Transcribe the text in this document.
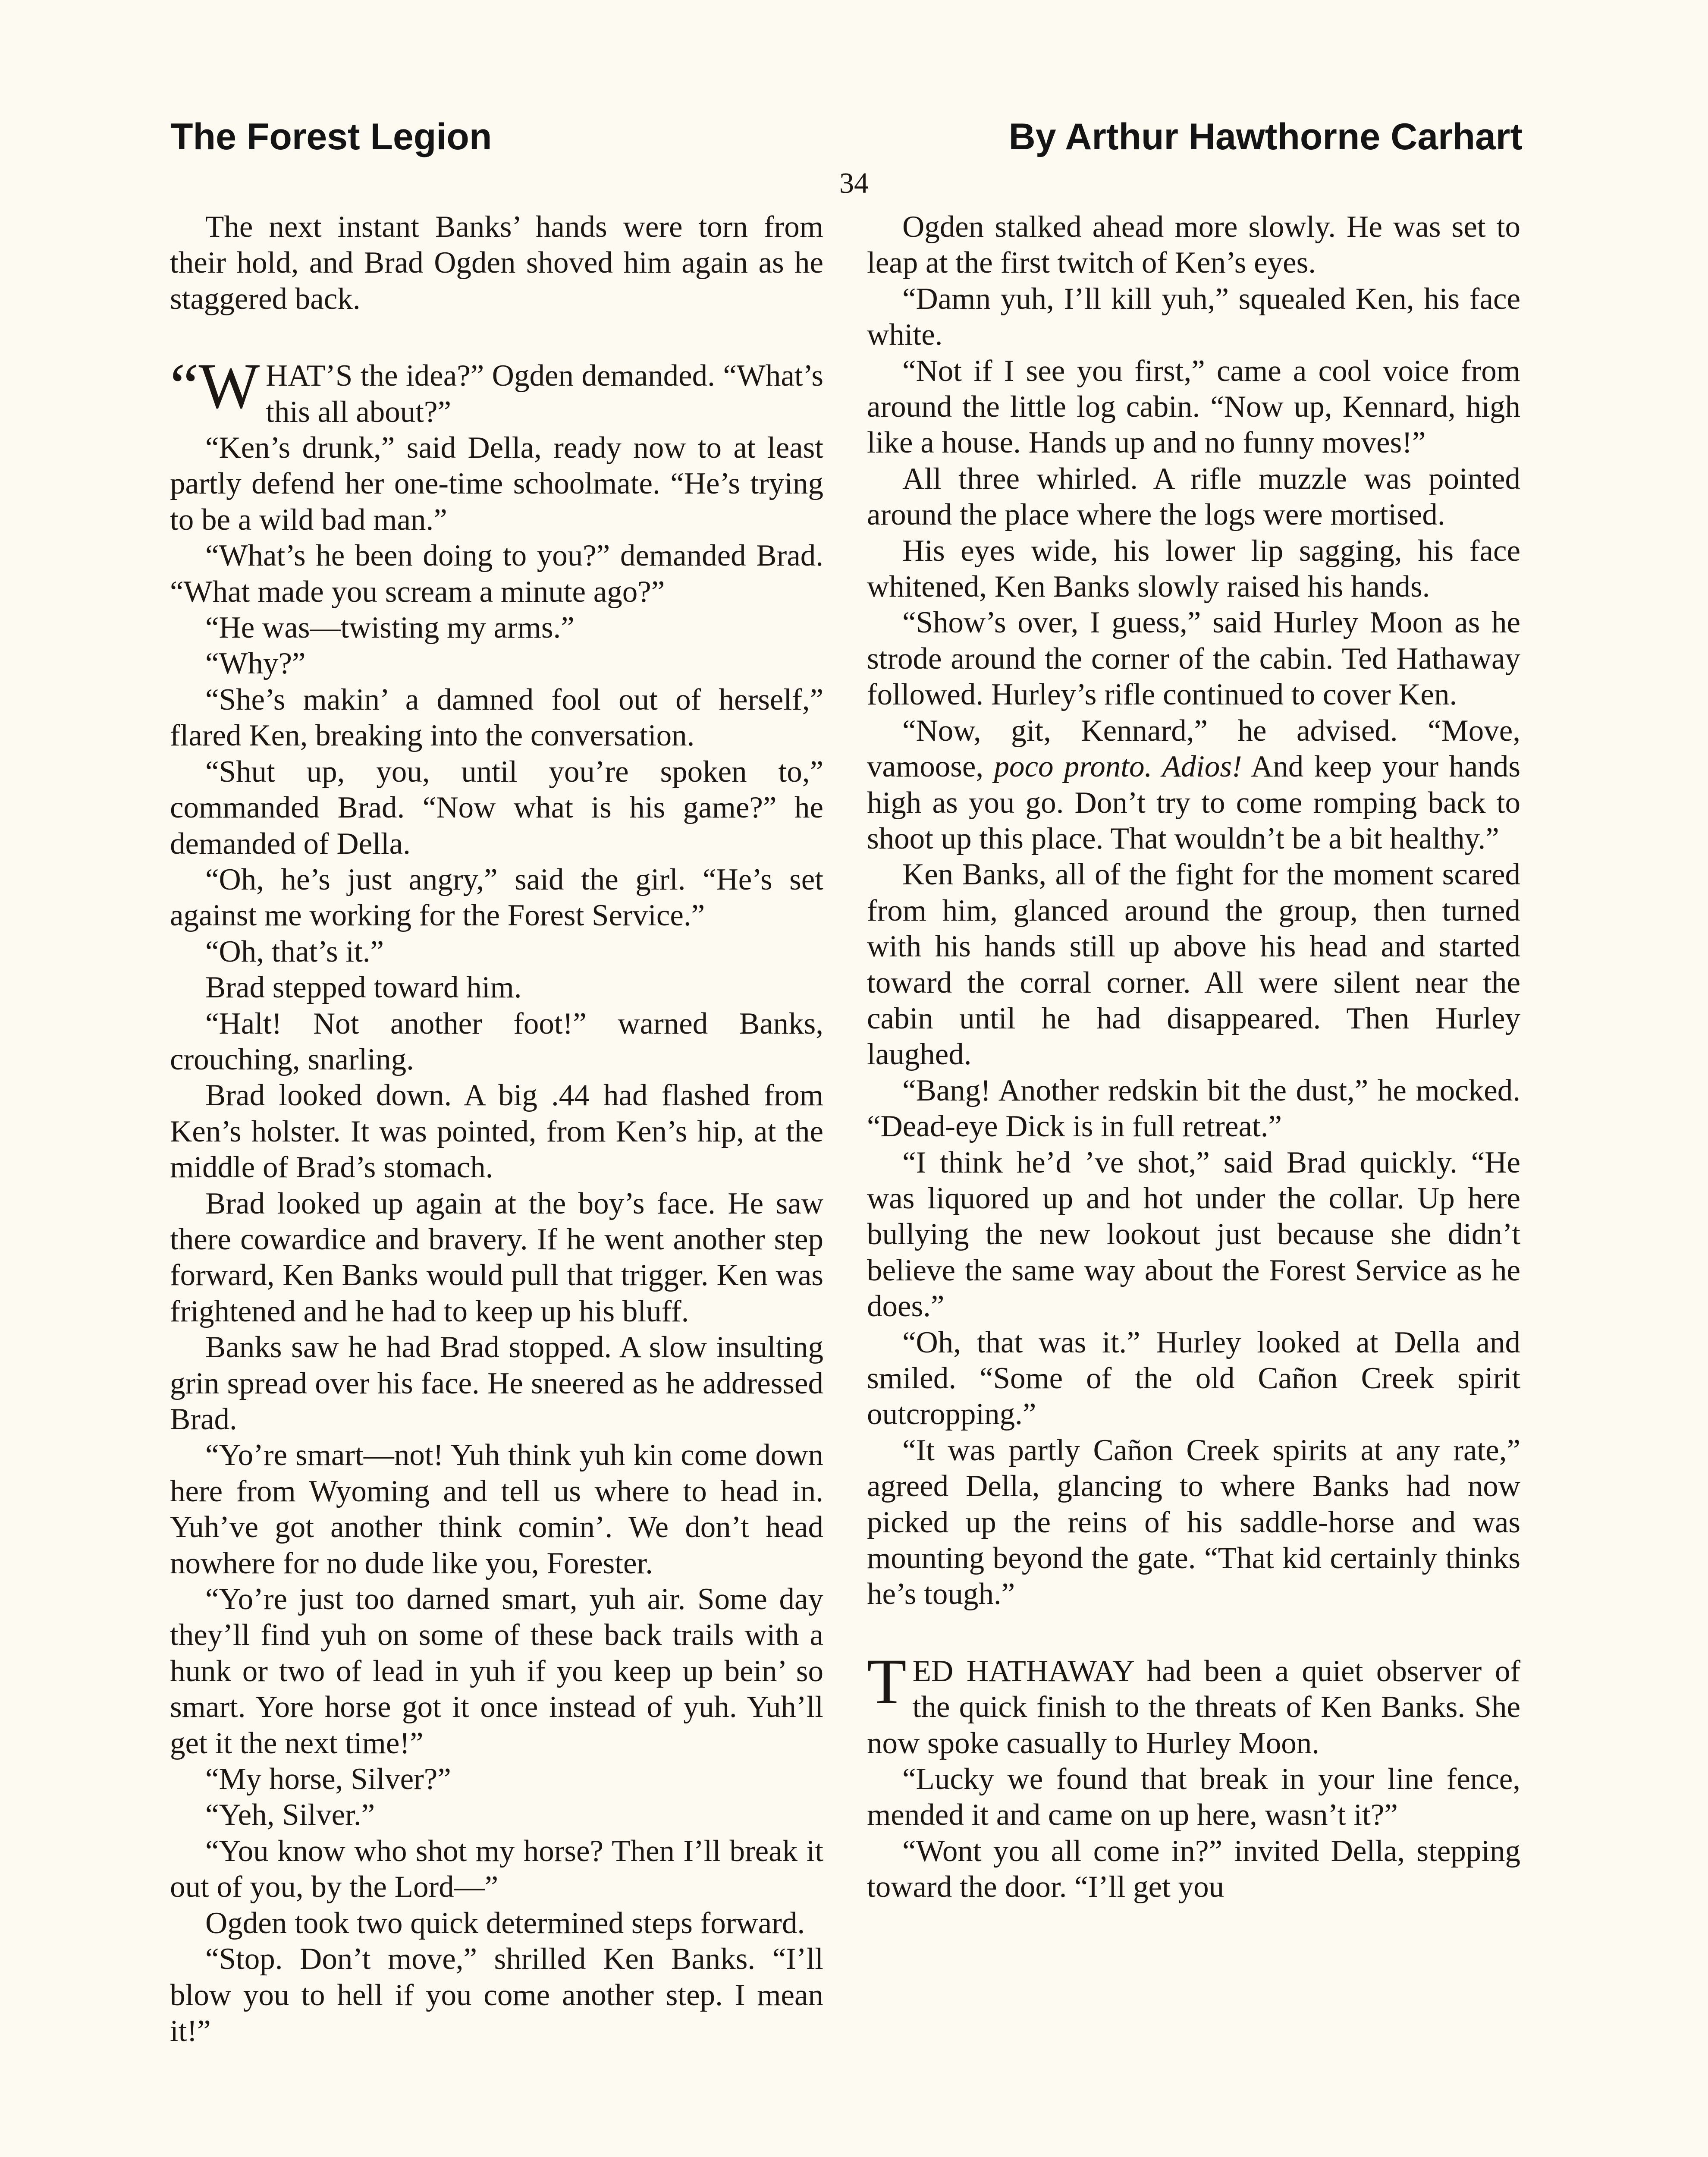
The Forest Legion	By Arthur Hawthorne Carhart
34

The next instant Banks’ hands were torn from their hold, and Brad Ogden shoved him again as he staggered back.

“WHAT’S the idea?” Ogden demanded. “What’s this all about?”

“Ken’s drunk,” said Della, ready now to at least partly defend her one-time schoolmate. “He’s trying to be a wild bad man.”

“What’s he been doing to you?” demanded Brad. “What made you scream a minute ago?”

“He was—twisting my arms.”

“Why?”

“She’s makin’ a damned fool out of herself,” flared Ken, breaking into the conversation.

“Shut up, you, until you’re spoken to,” commanded Brad. “Now what is his game?” he demanded of Della.

“Oh, he’s just angry,” said the girl. “He’s set against me working for the Forest Service.”

“Oh, that’s it.”

Brad stepped toward him.

“Halt! Not another foot!” warned Banks, crouching, snarling.

Brad looked down. A big .44 had flashed from Ken’s holster. It was pointed, from Ken’s hip, at the middle of Brad’s stomach.

Brad looked up again at the boy’s face. He saw there cowardice and bravery. If he went another step forward, Ken Banks would pull that trigger. Ken was frightened and he had to keep up his bluff.

Banks saw he had Brad stopped. A slow insulting grin spread over his face. He sneered as he addressed Brad.

“Yo’re smart—not! Yuh think yuh kin come down here from Wyoming and tell us where to head in. Yuh’ve got another think comin’. We don’t head nowhere for no dude like you, Forester.

“Yo’re just too darned smart, yuh air. Some day they’ll find yuh on some of these back trails with a hunk or two of lead in yuh if you keep up bein’ so smart. Yore horse got it once instead of yuh. Yuh’ll get it the next time!”

“My horse, Silver?”

“Yeh, Silver.”

“You know who shot my horse? Then I’ll break it out of you, by the Lord—”

Ogden took two quick determined steps forward.

“Stop. Don’t move,” shrilled Ken Banks. “I’ll blow you to hell if you come another step. I mean it!”

Ogden stalked ahead more slowly. He was set to leap at the first twitch of Ken’s eyes.

“Damn yuh, I’ll kill yuh,” squealed Ken, his face white.

“Not if I see you first,” came a cool voice from around the little log cabin. “Now up, Kennard, high like a house. Hands up and no funny moves!”

All three whirled. A rifle muzzle was pointed around the place where the logs were mortised.

His eyes wide, his lower lip sagging, his face whitened, Ken Banks slowly raised his hands.

“Show’s over, I guess,” said Hurley Moon as he strode around the corner of the cabin. Ted Hathaway followed. Hurley’s rifle continued to cover Ken.

“Now, git, Kennard,” he advised. “Move, vamoose, poco pronto. Adios! And keep your hands high as you go. Don’t try to come romping back to shoot up this place. That wouldn’t be a bit healthy.”

Ken Banks, all of the fight for the moment scared from him, glanced around the group, then turned with his hands still up above his head and started toward the corral corner. All were silent near the cabin until he had disappeared. Then Hurley laughed.

“Bang! Another redskin bit the dust,” he mocked. “Dead-eye Dick is in full retreat.”

“I think he’d ’ve shot,” said Brad quickly. “He was liquored up and hot under the collar. Up here bullying the new lookout just because she didn’t believe the same way about the Forest Service as he does.”

“Oh, that was it.” Hurley looked at Della and smiled. “Some of the old Cañon Creek spirit outcropping.”

“It was partly Cañon Creek spirits at any rate,” agreed Della, glancing to where Banks had now picked up the reins of his saddle-horse and was mounting beyond the gate. “That kid certainly thinks he’s tough.”

TED HATHAWAY had been a quiet observer of the quick finish to the threats of Ken Banks. She now spoke casually to Hurley Moon.

“Lucky we found that break in your line fence, mended it and came on up here, wasn’t it?”

“Wont you all come in?” invited Della, stepping toward the door. “I’ll get you
